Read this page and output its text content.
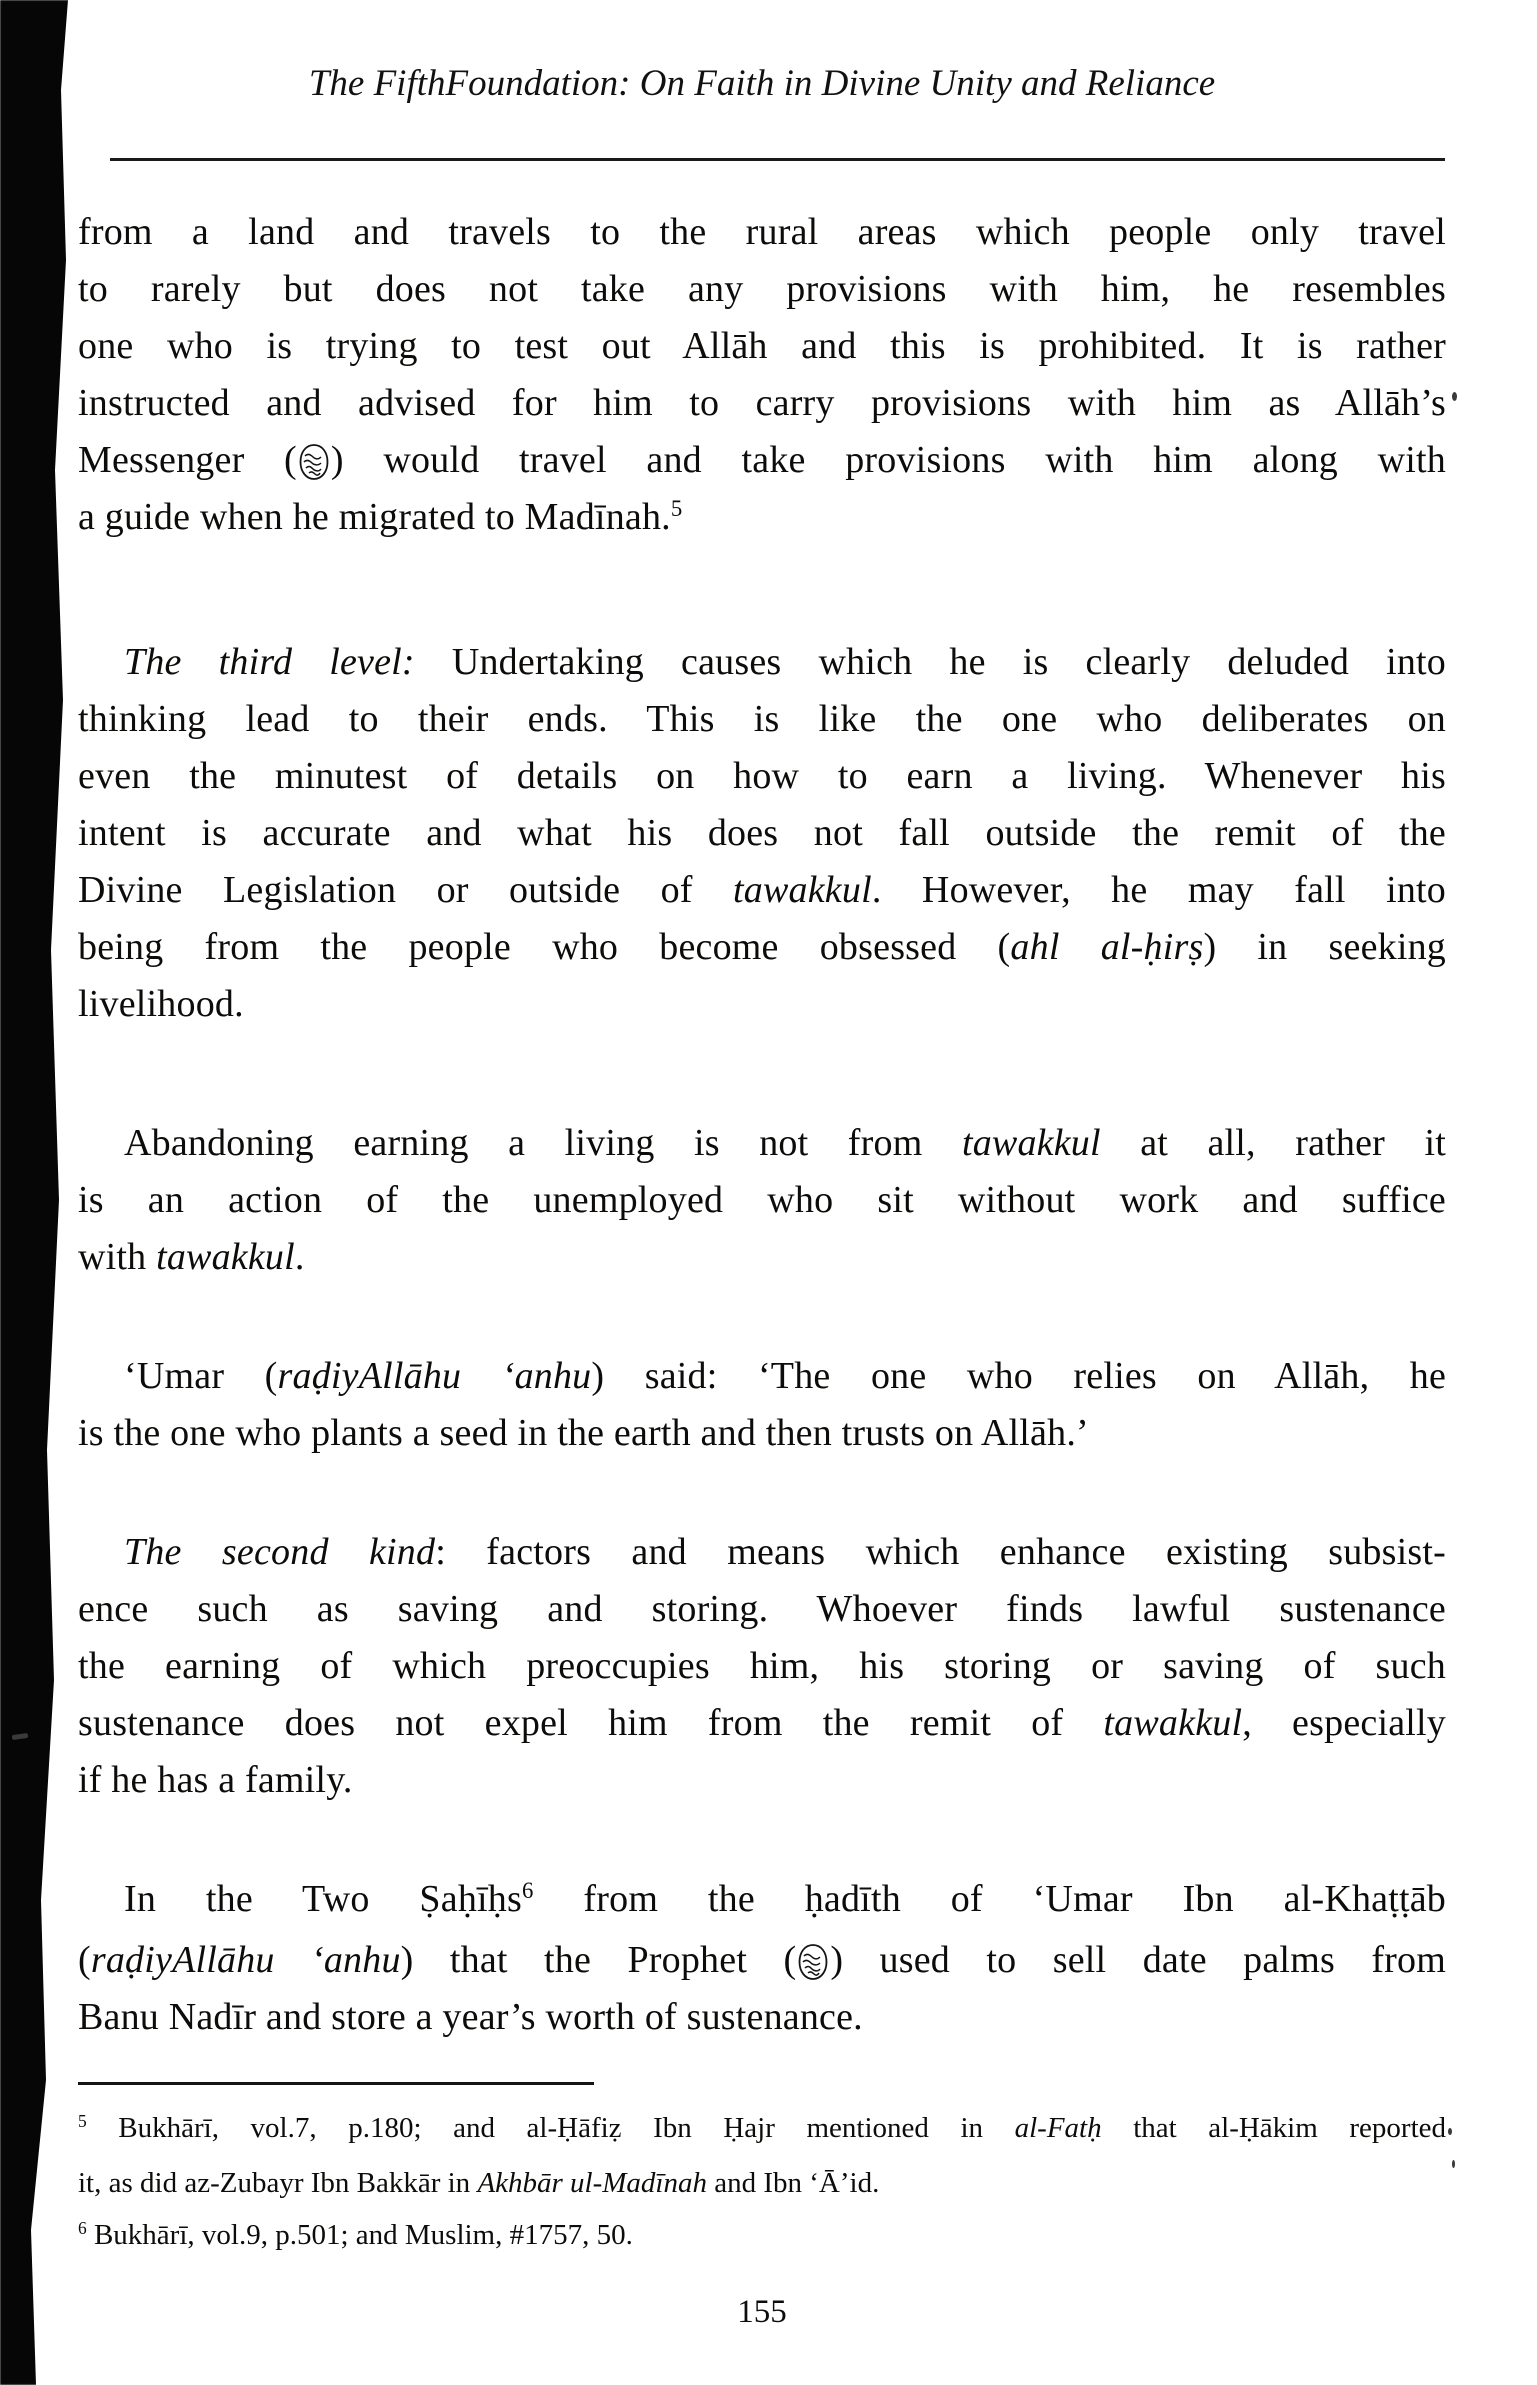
The FifthFoundation: On Faith in Divine Unity and Reliance

from a land and travels to the rural areas which people only travel
to rarely but does not take any provisions with him, he resembles
one who is trying to test out Allāh and this is prohibited. It is rather
instructed and advised for him to carry provisions with him as Allāh’s
Messenger ( ) would travel and take provisions with him along with
a guide when he migrated to Madīnah.$^5$

The third level: Undertaking causes which he is clearly deluded into
thinking lead to their ends. This is like the one who deliberates on
even the minutest of details on how to earn a living. Whenever his
intent is accurate and what his does not fall outside the remit of the
Divine Legislation or outside of tawakkul. However, he may fall into
being from the people who become obsessed (ahl al-ḥirṣ) in seeking
livelihood.

Abandoning earning a living is not from tawakkul at all, rather it
is an action of the unemployed who sit without work and suffice
with tawakkul.

‘Umar (raḍiyAllāhu ‘anhu) said: ‘The one who relies on Allāh, he
is the one who plants a seed in the earth and then trusts on Allāh.’

The second kind: factors and means which enhance existing subsist-
ence such as saving and storing. Whoever finds lawful sustenance
the earning of which preoccupies him, his storing or saving of such
sustenance does not expel him from the remit of tawakkul, especially
if he has a family.

In the Two Ṣaḥīḥs$^6$ from the ḥadīth of ‘Umar Ibn al-Khaṭṭāb
(raḍiyAllāhu ‘anhu) that the Prophet ( ) used to sell date palms from
Banu Nadīr and store a year’s worth of sustenance.

$^5$ Bukhārī, vol.7, p.180; and al-Ḥāfiẓ Ibn Ḥajr mentioned in al-Fatḥ that al-Ḥākim reported
it, as did az-Zubayr Ibn Bakkār in Akhbār ul-Madīnah and Ibn ‘Ā’id.

$^6$ Bukhārī, vol.9, p.501; and Muslim, #1757, 50.

155
